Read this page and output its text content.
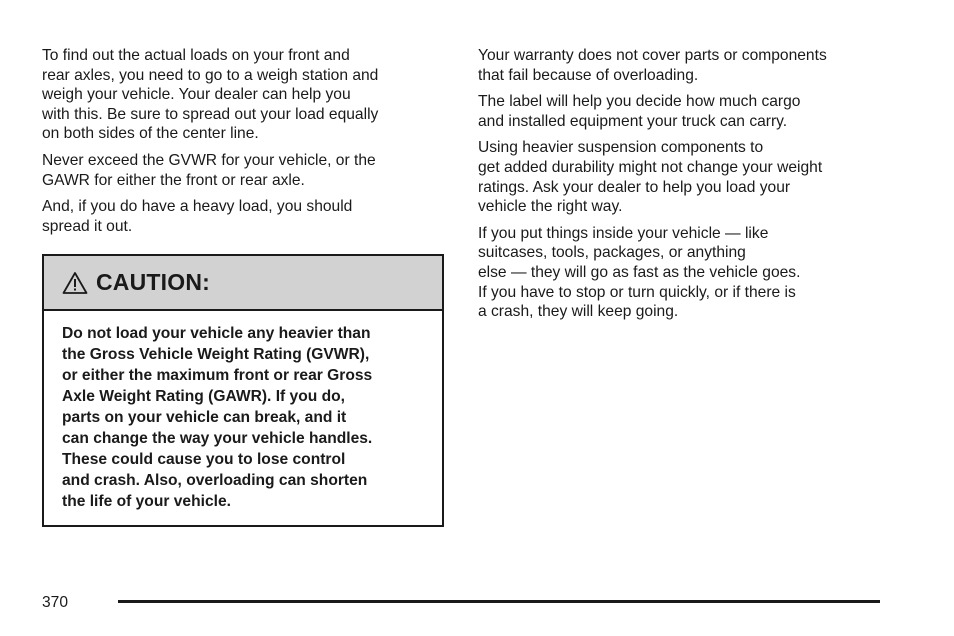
To find out the actual loads on your front and
rear axles, you need to go to a weigh station and
weigh your vehicle. Your dealer can help you
with this. Be sure to spread out your load equally
on both sides of the center line.

Never exceed the GVWR for your vehicle, or the
GAWR for either the front or rear axle.

And, if you do have a heavy load, you should
spread it out.

CAUTION:
Do not load your vehicle any heavier than
the Gross Vehicle Weight Rating (GVWR),
or either the maximum front or rear Gross
Axle Weight Rating (GAWR). If you do,
parts on your vehicle can break, and it
can change the way your vehicle handles.
These could cause you to lose control
and crash. Also, overloading can shorten
the life of your vehicle.

Your warranty does not cover parts or components
that fail because of overloading.

The label will help you decide how much cargo
and installed equipment your truck can carry.

Using heavier suspension components to
get added durability might not change your weight
ratings. Ask your dealer to help you load your
vehicle the right way.

If you put things inside your vehicle — like
suitcases, tools, packages, or anything
else — they will go as fast as the vehicle goes.
If you have to stop or turn quickly, or if there is
a crash, they will keep going.

370
